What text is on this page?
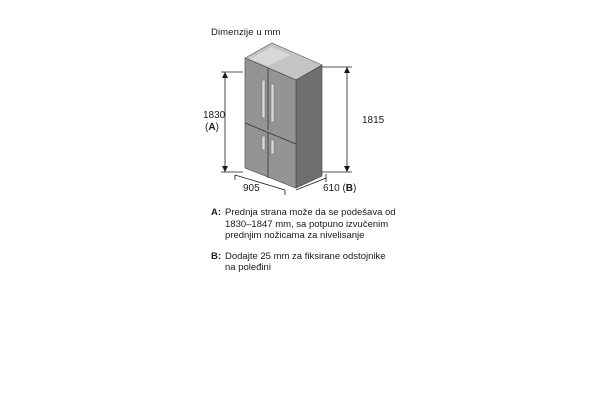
Dimenzije u mm
1830
(A)
1815
905	610 (B)
A: Prednja strana može da se podešava od
1830–1847 mm, sa potpuno izvučenim
prednjim nožicama za nivelisanje
B: Dodajte 25 mm za fiksirane odstojnike
na poleđini
